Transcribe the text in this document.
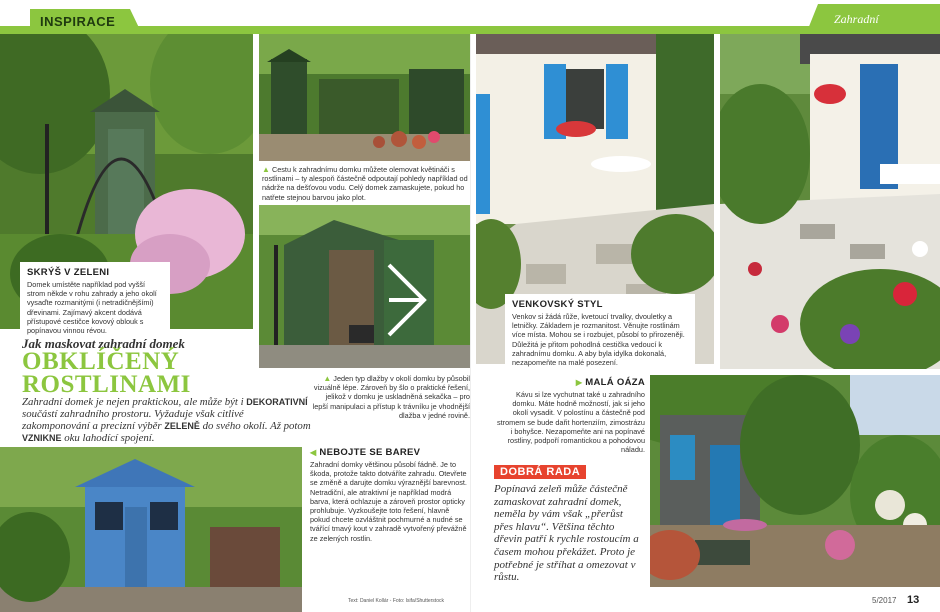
INSPIRACE	Zahradní
SKRÝŠ V ZELENI
Domek umístěte například pod vyšší strom někde v rohu zahrady a jeho okolí vysaďte rozmanitými (i netradičnějšími) dřevinami. Zajímavý akcent dodává přístupové cestičce kovový oblouk s popínavou vinnou révou.
▲ Cestu k zahradnímu domku můžete olemovat květináči s rostlinami – ty alespoň částečně odpoutají pohledy například od nádrže na dešťovou vodu. Celý domek zamaskujete, pokud ho natřete stejnou barvou jako plot.
▲ Jeden typ dlažby v okolí domku by působil vizuálně lépe. Zároveň by šlo o praktické řešení, jelikož v domku je uskladněná sekačka – pro lepší manipulaci a přístup k trávníku je vhodnější dlažba v jedné rovině.
Jak maskovat zahradní domek
OBKLÍČENÝ
ROSTLINAMI
Zahradní domek je nejen praktickou, ale může být i DEKORATIVNÍ součástí zahradního prostoru. Vyžaduje však citlivé zakomponování a precizní výběr ZELENĚ do svého okolí. Až potom VZNIKNE oku lahodící spojení.
◀ NEBOJTE SE BAREV
Zahradní domky většinou působí fádně. Je to škoda, protože takto dotváříte zahradu. Otevřete se změně a darujte domku výraznější barevnost. Netradiční, ale atraktivní je například modrá barva, která ochlazuje a zároveň prostor opticky prohlubuje. Vyzkoušejte toto řešení, hlavně pokud chcete ozvláštnit pochmurné a nudné se tvářící tmavý kout v zahradě vytvořený převážně ze zelených rostlin.
Text: Daniel Kollár ◦ Foto: Isifa/Shutterstock
VENKOVSKÝ STYL
Venkov si žádá růže, kvetoucí trvalky, dvouletky a letničky. Základem je rozmanitost. Věnujte rostlinám více místa. Mohou se i rozbujet, působí to přirozeněji. Důležitá je přitom pohodlná cestička vedoucí k zahradnímu domku. A aby byla idylka dokonalá, nezapomeňte na malé posezení.
▶ MALÁ OÁZA
Kávu si lze vychutnat také u zahradního domku. Máte hodně možností, jak si jeho okolí vysadit. V polostínu a částečně pod stromem se bude dařit hortenziím, zimostrázu i bohyšce. Nezapomeňte ani na popínavé rostliny, podpoří romantickou a pohodovou náladu.
DOBRÁ RADA
Popínavá zeleň může částečně zamaskovat zahradní domek, neměla by vám však „přerůst přes hlavu“. Většina těchto dřevin patří k rychle rostoucím a časem mohou překážet. Proto je potřebné je stříhat a omezovat v růstu.
5/2017 13
